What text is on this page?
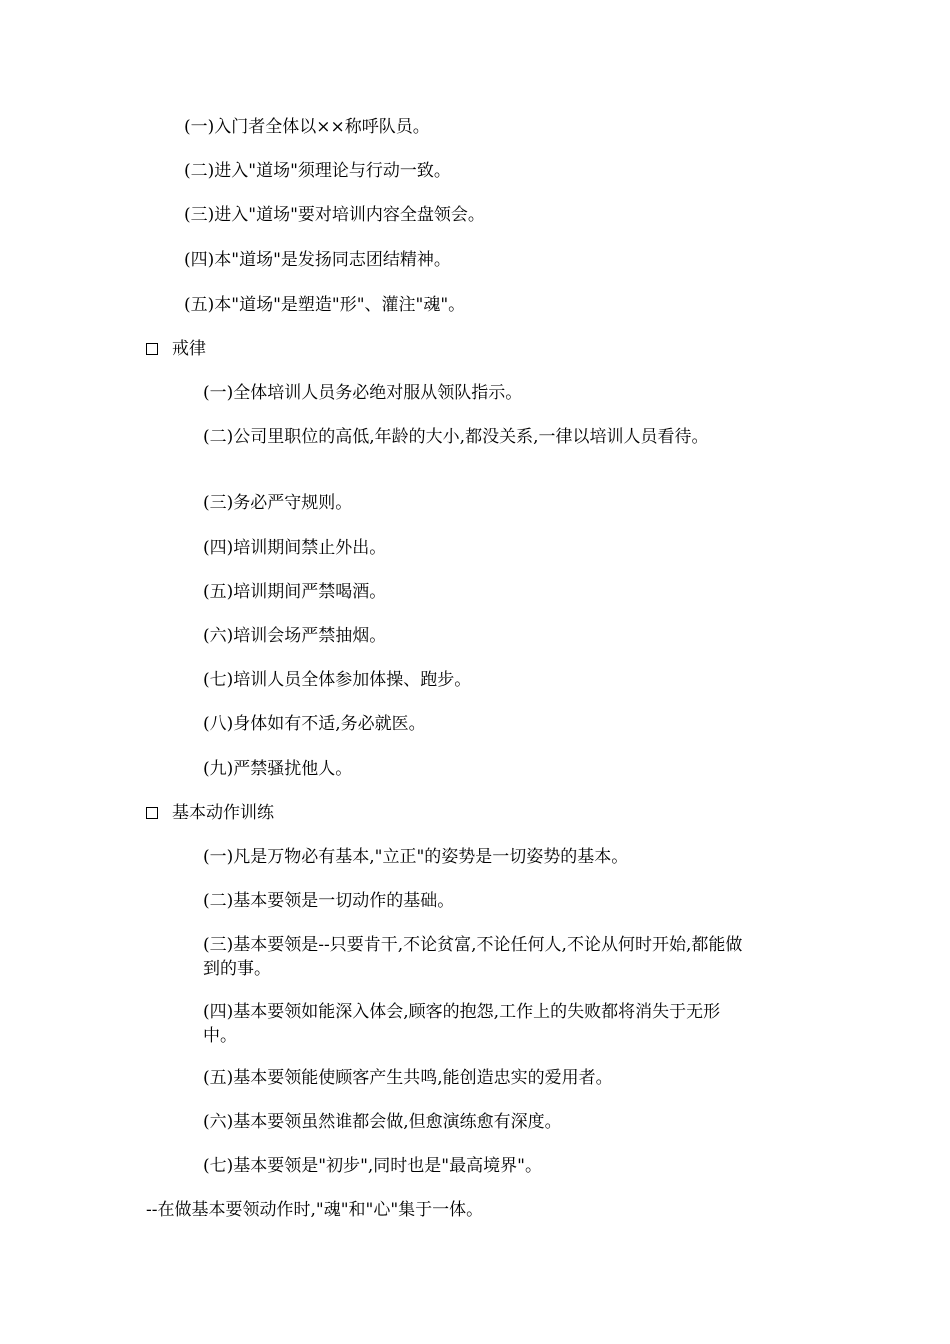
(一)入门者全体以××称呼队员。
(二)进入"道场"须理论与行动一致。
(三)进入"道场"要对培训内容全盘领会。
(四)本"道场"是发扬同志团结精神。
(五)本"道场"是塑造"形"、灌注"魂"。
戒律
(一)全体培训人员务必绝对服从领队指示。
(二)公司里职位的高低,年龄的大小,都没关系,一律以培训人员看待。
(三)务必严守规则。
(四)培训期间禁止外出。
(五)培训期间严禁喝酒。
(六)培训会场严禁抽烟。
(七)培训人员全体参加体操、跑步。
(八)身体如有不适,务必就医。
(九)严禁骚扰他人。
基本动作训练
(一)凡是万物必有基本,"立正"的姿势是一切姿势的基本。
(二)基本要领是一切动作的基础。
(三)基本要领是--只要肯干,不论贫富,不论任何人,不论从何时开始,都能做到的事。
(四)基本要领如能深入体会,顾客的抱怨,工作上的失败都将消失于无形中。
(五)基本要领能使顾客产生共鸣,能创造忠实的爱用者。
(六)基本要领虽然谁都会做,但愈演练愈有深度。
(七)基本要领是"初步",同时也是"最高境界"。
--在做基本要领动作时,"魂"和"心"集于一体。
